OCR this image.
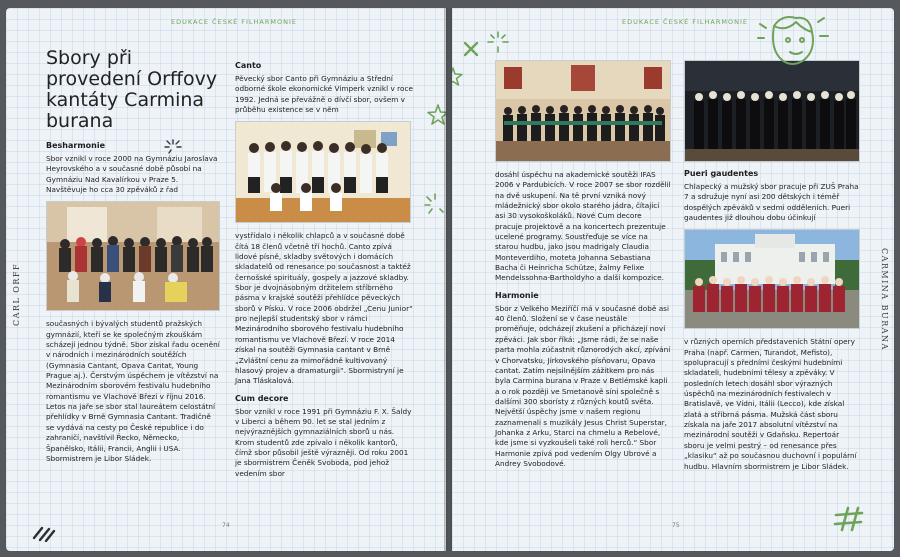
EDUKACE ČESKÉ FILHARMONIE
CARL ORFF
Sbory při provedení Orffovy kantáty Carmina burana
Besharmonie

Sbor vznikl v roce 2000 na Gymnáziu Jaroslava Heyrovského a v současné době působí na Gymnáziu Nad Kavalírkou v Praze 5. Navštěvuje ho cca 30 zpěváků z řad

současných i bývalých studentů pražských gymnázií, kteří se ke společným zkouškám scházejí jednou týdně. Sbor získal řadu ocenění v národních i mezinárodních soutěžích (Gymnasia Cantant, Opava Cantat, Young Prague aj.). Čerstvým úspěchem je vítězství na Mezinárodním sborovém festivalu hudebního romantismu ve Vlachově Březí v říjnu 2016. Letos na jaře se sbor stal laureátem celostátní přehlídky v Brně Gymnasia Cantant. Tradičně se vydává na cesty po České republice i do zahraničí, navštívil Řecko, Německo, Španělsko, Itálii, Francii, Anglii i USA. Sbormistrem je Libor Sládek.

Canto

Pěvecký sbor Canto při Gymnáziu a Střední odborné škole ekonomické Vimperk vznikl v roce 1992. Jedná se převážně o dívčí sbor, ovšem v průběhu existence se v něm

vystřídalo i několik chlapců a v současné době čítá 18 členů včetně tří hochů. Canto zpívá lidové písně, skladby světových i domácích skladatelů od renesance po současnost a taktéž černošské spirituály, gospely a jazzové skladby. Sbor je dvojnásobným držitelem stříbrného pásma v krajské soutěži přehlídce pěveckých sborů v Písku. V roce 2006 obdržel „Cenu Junior“ pro nejlepší studentský sbor v rámci Mezinárodního sborového festivalu hudebního romantismu ve Vlachově Březí. V roce 2014 získal na soutěži Gymnasia cantant v Brně „Zvláštní cenu za mimořádně kultivovaný hlasový projev a dramaturgii“. Sbormistryní je Jana Tláskalová.

Cum decore

Sbor vznikl v roce 1991 při Gymnáziu F. X. Šaldy v Liberci a během 90. let se stal jedním z nejvýraznějších gymnaziálních sborů u nás. Krom studentů zde zpívalo i několik kantorů, čímž sbor působil ještě výrazněji. Od roku 2001 je sbormistrem Čeněk Svoboda, pod jehož vedením sbor

74
EDUKACE ČESKÉ FILHARMONIE
CARMINA BURANA

dosáhl úspěchu na akademické soutěži IFAS 2006 v Pardubicích. V roce 2007 se sbor rozdělil na dvě uskupení. Na tě první vzniká nový mládežnický sbor okolo starého jádra, čítající asi 30 vysokoškoláků. Nové Cum decore pracuje projektově a na koncertech prezentuje ucelené programy. Soustřeďuje se více na starou hudbu, jako jsou madrigaly Claudia Monteverdiho, moteta Johanna Sebastiana Bacha či Heinricha Schütze, žalmy Felixe Mendelssohna-Bartholdyho a další kompozice.

Harmonie

Sbor z Velkého Meziříčí má v současné době asi 40 členů. Složení se v čase neustále proměňuje, odcházejí zkušení a přicházejí noví zpěváci. Jak sbor říká: „Jsme rádi, že se naše parta mohla zúčastnit různorodých akcí, zpívání v Chorvatsku, Jirkovského písňovaru, Opava cantat. Zatím nejsilnějším zážitkem pro nás byla Carmina burana v Praze v Betlémské kapli a o rok později ve Smetanově síni společně s dalšími 300 sborísty z různých koutů světa. Největší úspěchy jsme v našem regionu zaznamenali s muzikály Jesus Christ Superstar, Johanka z Arku, Starci na chmelu a Rebelové, kde jsme si vyzkoušeli také roli herců.“ Sbor Harmonie zpívá pod vedením Olgy Ubrové a Andrey Svobodové.

Pueri gaudentes

Chlapecký a mužský sbor pracuje při ZUŠ Praha 7 a sdružuje nyní asi 200 dětských i téměř dospělých zpěváků v sedmi odděleních. Pueri gaudentes již dlouhou dobu účinkují

v různých operních představeních Státní opery Praha (např. Carmen, Turandot, Mefisto), spolupracují s předními českými hudebními skladateli, hudebními tělesy a zpěváky. V posledních letech dosáhl sbor výrazných úspěchů na mezinárodních festivalech v Bratislavě, ve Vídni, Itálii (Lecco), kde získal zlatá a stříbrná pásma. Mužská část sboru získala na jaře 2017 absolutní vítězství na mezinárodní soutěži v Gdaňsku. Repertoár sboru je velmi pestrý – od renesance přes „klasiku“ až po současnou duchovní i populární hudbu. Hlavním sbormistrem je Libor Sládek.

75
